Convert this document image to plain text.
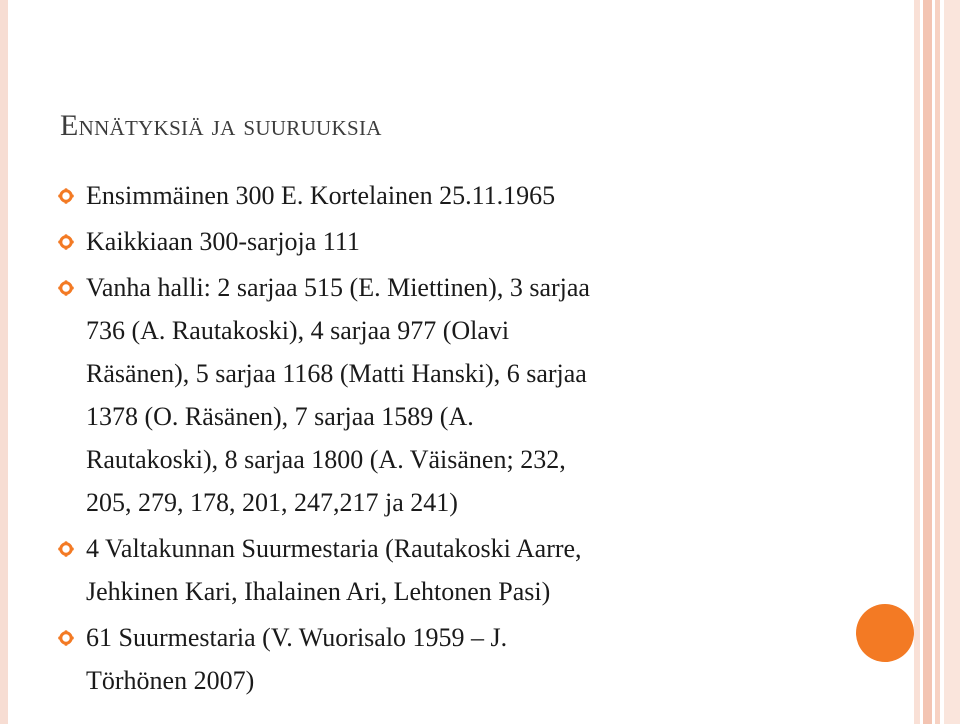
Ennätyksiä ja suuruuksia
Ensimmäinen 300 E. Kortelainen 25.11.1965
Kaikkiaan 300-sarjoja 111
Vanha halli: 2 sarjaa 515 (E. Miettinen), 3 sarjaa
736 (A. Rautakoski), 4 sarjaa 977 (Olavi
Räsänen), 5 sarjaa 1168 (Matti Hanski), 6 sarjaa
1378 (O. Räsänen), 7 sarjaa 1589 (A.
Rautakoski), 8 sarjaa 1800 (A. Väisänen; 232,
205, 279, 178, 201, 247,217 ja 241)
4 Valtakunnan Suurmestaria (Rautakoski Aarre,
Jehkinen Kari, Ihalainen Ari, Lehtonen Pasi)
61 Suurmestaria (V. Wuorisalo 1959 – J.
Törhönen 2007)
